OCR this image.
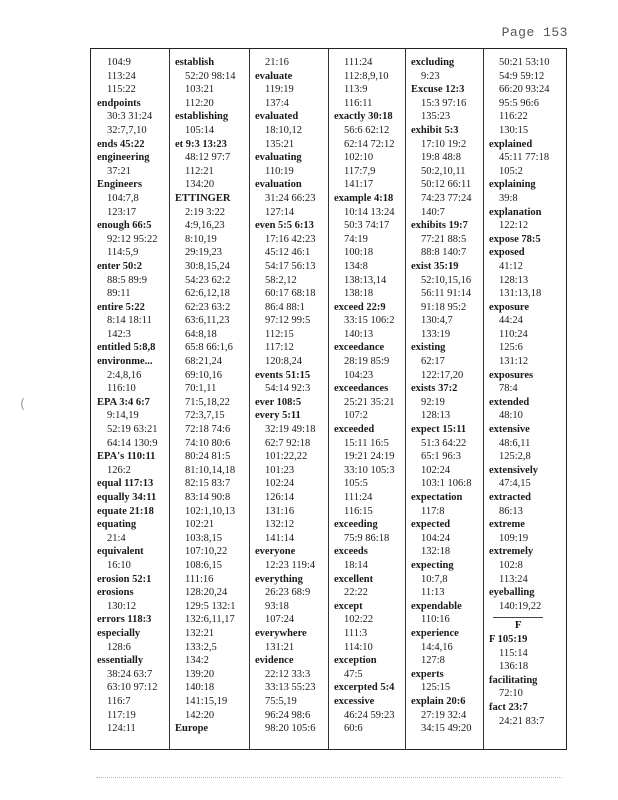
Page 153
(
104:9
113:24
115:22
endpoints
30:3 31:24
32:7,7,10
ends 45:22
engineering
37:21
Engineers
104:7,8
123:17
enough 66:5
92:12 95:22
114:5,9
enter 50:2
88:5 89:9
89:11
entire 5:22
8:14 18:11
142:3
entitled 5:8,8
environme...
2:4,8,16
116:10
EPA 3:4 6:7
9:14,19
52:19 63:21
64:14 130:9
EPA's 110:11
126:2
equal 117:13
equally 34:11
equate 21:18
equating
21:4
equivalent
16:10
erosion 52:1
erosions
130:12
errors 118:3
especially
128:6
essentially
38:24 63:7
63:10 97:12
116:7
117:19
124:11
establish
52:20 98:14
103:21
112:20
establishing
105:14
et 9:3 13:23
48:12 97:7
112:21
134:20
ETTINGER
2:19 3:22
4:9,16,23
8:10,19
29:19,23
30:8,15,24
54:23 62:2
62:6,12,18
62:23 63:2
63:6,11,23
64:8,18
65:8 66:1,6
68:21,24
69:10,16
70:1,11
71:5,18,22
72:3,7,15
72:18 74:6
74:10 80:6
80:24 81:5
81:10,14,18
82:15 83:7
83:14 90:8
102:1,10,13
102:21
103:8,15
107:10,22
108:6,15
111:16
128:20,24
129:5 132:1
132:6,11,17
132:21
133:2,5
134:2
139:20
140:18
141:15,19
142:20
Europe
21:16
evaluate
119:19
137:4
evaluated
18:10,12
135:21
evaluating
110:19
evaluation
31:24 66:23
127:14
even 5:5 6:13
17:16 42:23
45:12 46:1
54:17 56:13
58:2,12
60:17 68:18
86:4 88:1
97:12 99:5
112:15
117:12
120:8,24
events 51:15
54:14 92:3
ever 108:5
every 5:11
32:19 49:18
62:7 92:18
101:22,22
101:23
102:24
126:14
131:16
132:12
141:14
everyone
12:23 119:4
everything
26:23 68:9
93:18
107:24
everywhere
131:21
evidence
22:12 33:3
33:13 55:23
75:5,19
96:24 98:6
98:20 105:6
111:24
112:8,9,10
113:9
116:11
exactly 30:18
56:6 62:12
62:14 72:12
102:10
117:7,9
141:17
example 4:18
10:14 13:24
50:3 74:17
74:19
100:18
134:8
138:13,14
138:18
exceed 22:9
33:15 106:2
140:13
exceedance
28:19 85:9
104:23
exceedances
25:21 35:21
107:2
exceeded
15:11 16:5
19:21 24:19
33:10 105:3
105:5
111:24
116:15
exceeding
75:9 86:18
exceeds
18:14
excellent
22:22
except
102:22
111:3
114:10
exception
47:5
excerpted 5:4
excessive
46:24 59:23
60:6
excluding
9:23
Excuse 12:3
15:3 97:16
135:23
exhibit 5:3
17:10 19:2
19:8 48:8
50:2,10,11
50:12 66:11
74:23 77:24
140:7
exhibits 19:7
77:21 88:5
88:8 140:7
exist 35:19
52:10,15,16
56:11 91:14
91:18 95:2
130:4,7
133:19
existing
62:17
122:17,20
exists 37:2
92:19
128:13
expect 15:11
51:3 64:22
65:1 96:3
102:24
103:1 106:8
expectation
117:8
expected
104:24
132:18
expecting
10:7,8
11:13
expendable
110:16
experience
14:4,16
127:8
experts
125:15
explain 20:6
27:19 32:4
34:15 49:20
50:21 53:10
54:9 59:12
66:20 93:24
95:5 96:6
116:22
130:15
explained
45:11 77:18
105:2
explaining
39:8
explanation
122:12
expose 78:5
exposed
41:12
128:13
131:13,18
exposure
44:24
110:24
125:6
131:12
exposures
78:4
extended
48:10
extensive
48:6,11
125:2,8
extensively
47:4,15
extracted
86:13
extreme
109:19
extremely
102:8
113:24
eyeballing
140:19,22
F
F 105:19
115:14
136:18
facilitating
72:10
fact 23:7
24:21 83:7
